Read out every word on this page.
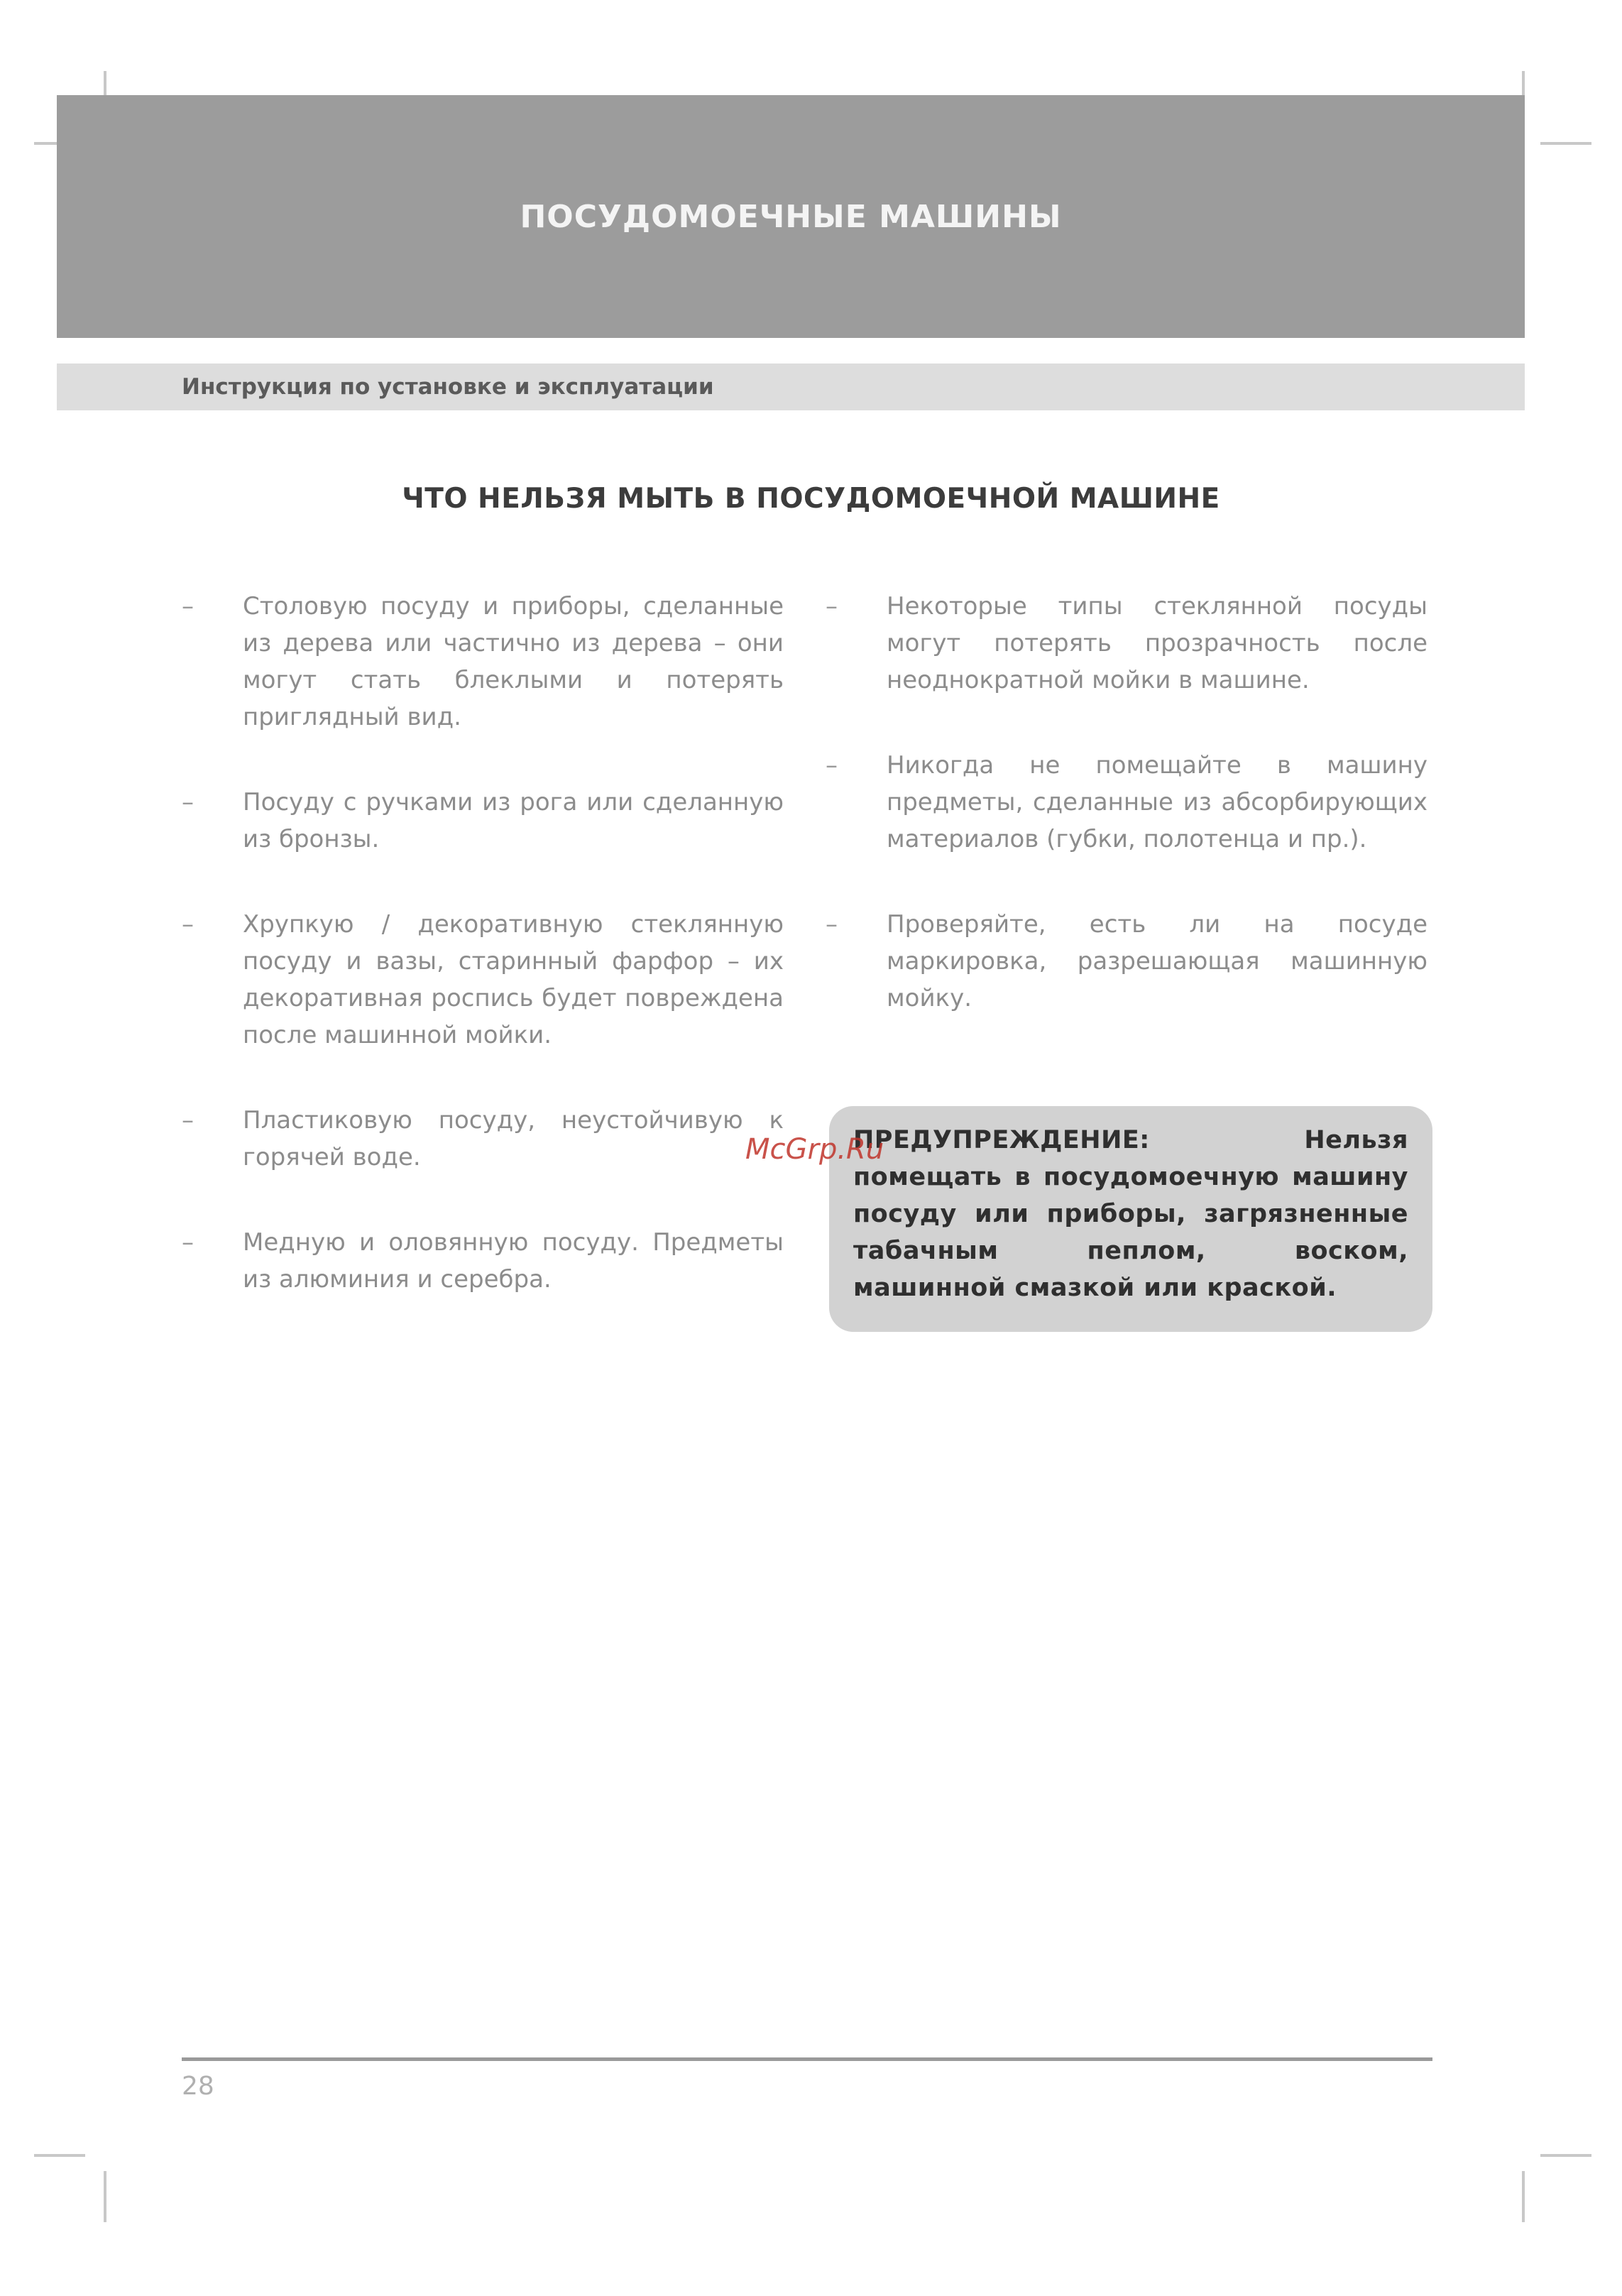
ПОСУДОМОЕЧНЫЕ МАШИНЫ
Инструкция по установке и эксплуатации
ЧТО НЕЛЬЗЯ МЫТЬ В ПОСУДОМОЕЧНОЙ МАШИНЕ
–	Столовую посуду и приборы, сделанные из дерева или частично из дерева – они могут стать блеклыми и потерять приглядный вид.
–	Посуду с ручками из рога или сделанную из бронзы.
–	Хрупкую / декоративную стеклянную посуду и вазы, старинный фарфор – их декоративная роспись будет повреждена после машинной мойки.
–	Пластиковую посуду, неустойчивую к горячей воде.
–	Медную и оловянную посуду. Предметы из алюминия и серебра.
–	Некоторые типы стеклянной посуды могут потерять прозрачность после неоднократной мойки в машине.
–	Никогда не помещайте в машину предметы, сделанные из абсорбирующих материалов (губки, полотенца и пр.).
–	Проверяйте, есть ли на посуде маркировка, разрешающая машинную мойку.
ПРЕДУПРЕЖДЕНИЕ: Нельзя помещать в посудомоечную машину посуду или приборы, загрязненные табачным пеплом, воском, машинной смазкой или краской.
McGrp.Ru
28
